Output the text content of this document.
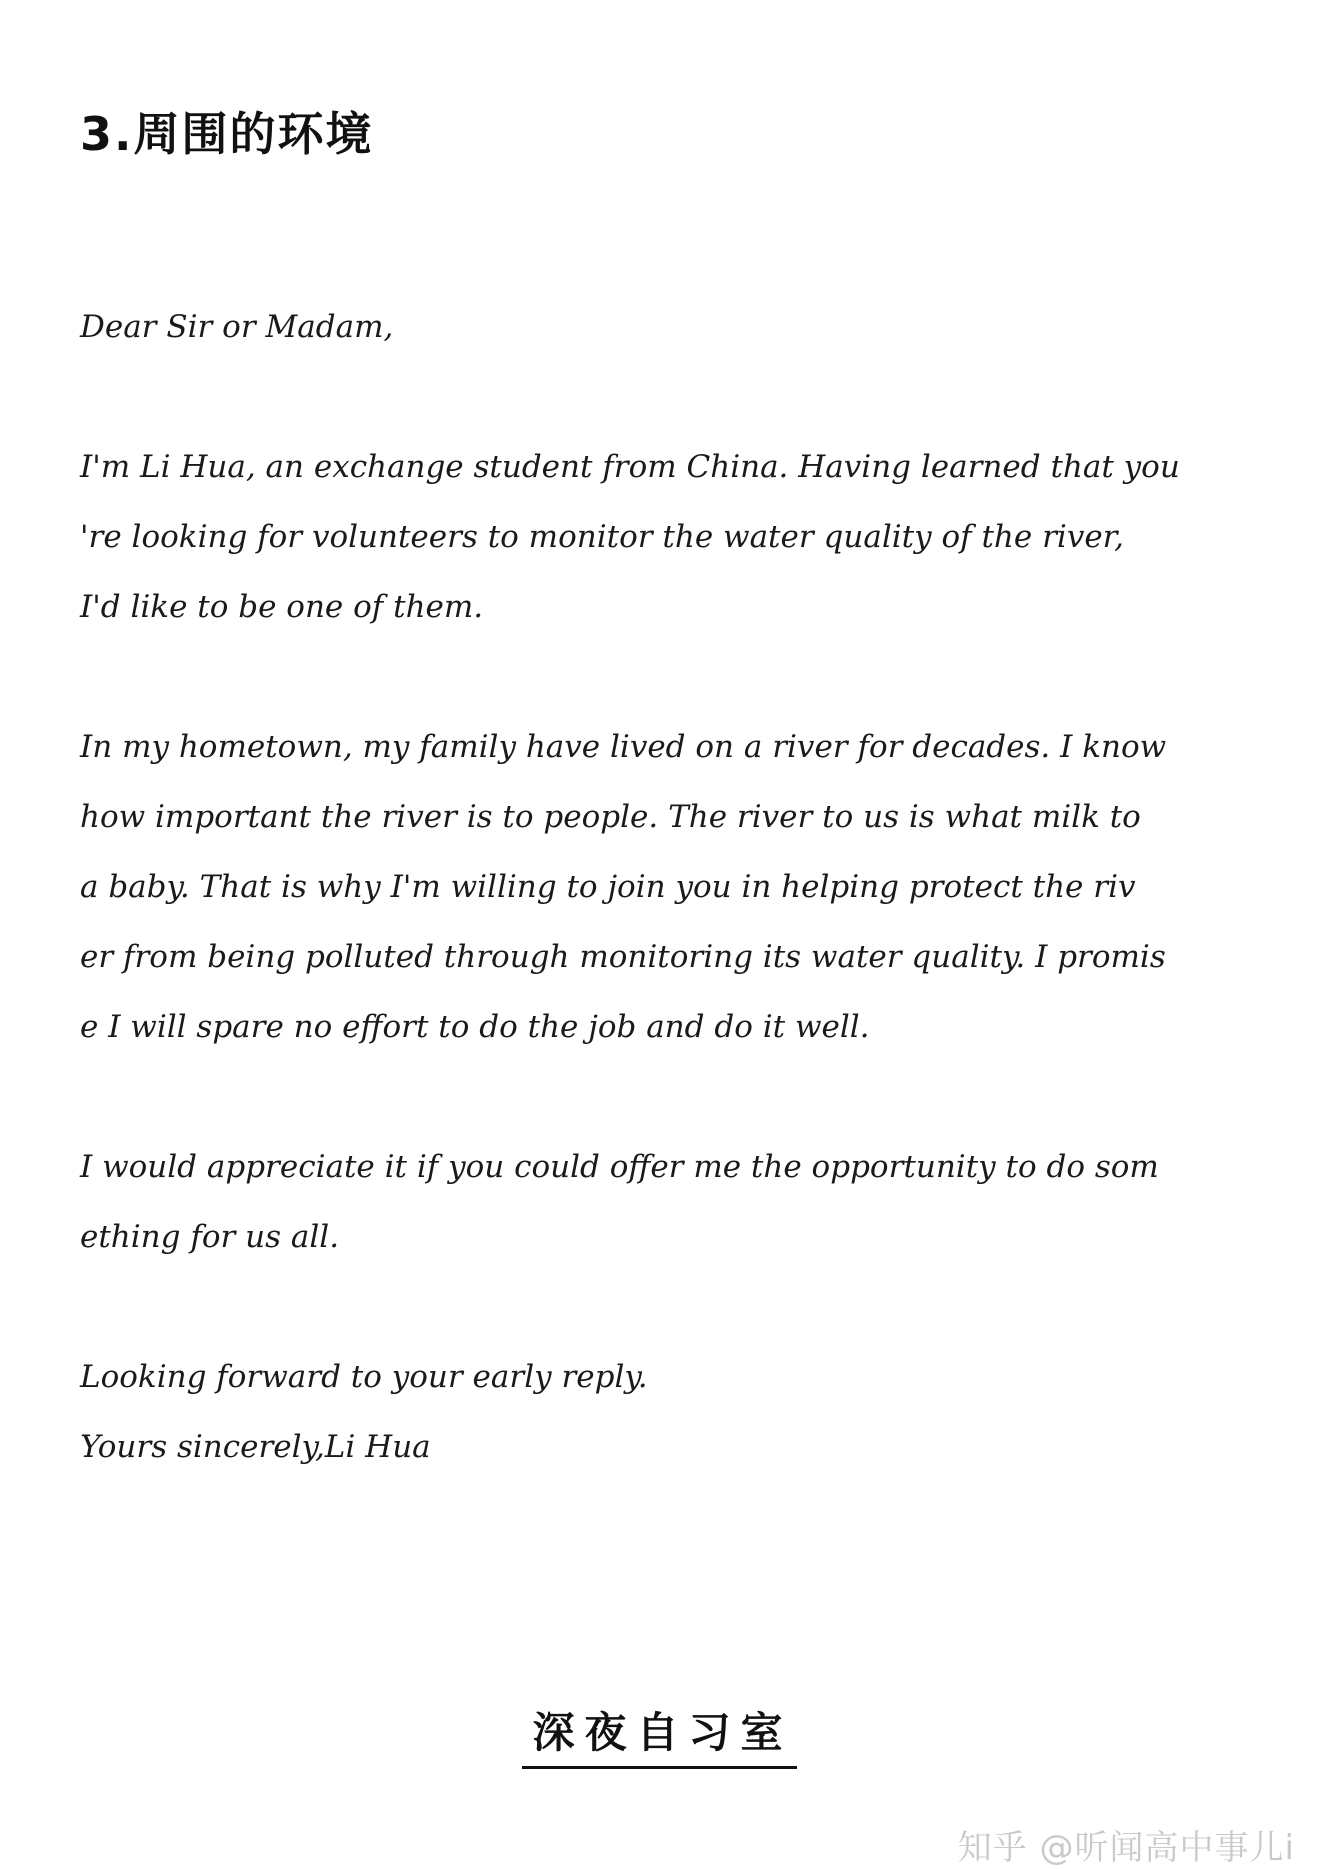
3.周围的环境

Dear Sir or Madam,

I'm Li Hua, an exchange student from China. Having learned that you

're looking for volunteers to monitor the water quality of the river,

I'd like to be one of them.

In my hometown, my family have lived on a river for decades. I know

how important the river is to people. The river to us is what milk to

a baby. That is why I'm willing to join you in helping protect the riv

er from being polluted through monitoring its water quality. I promis

e I will spare no effort to do the job and do it well.

I would appreciate it if you could offer me the opportunity to do som

ething for us all.

Looking forward to your early reply.

Yours sincerely,Li Hua

深夜自习室
知乎 @听闻高中事儿i
